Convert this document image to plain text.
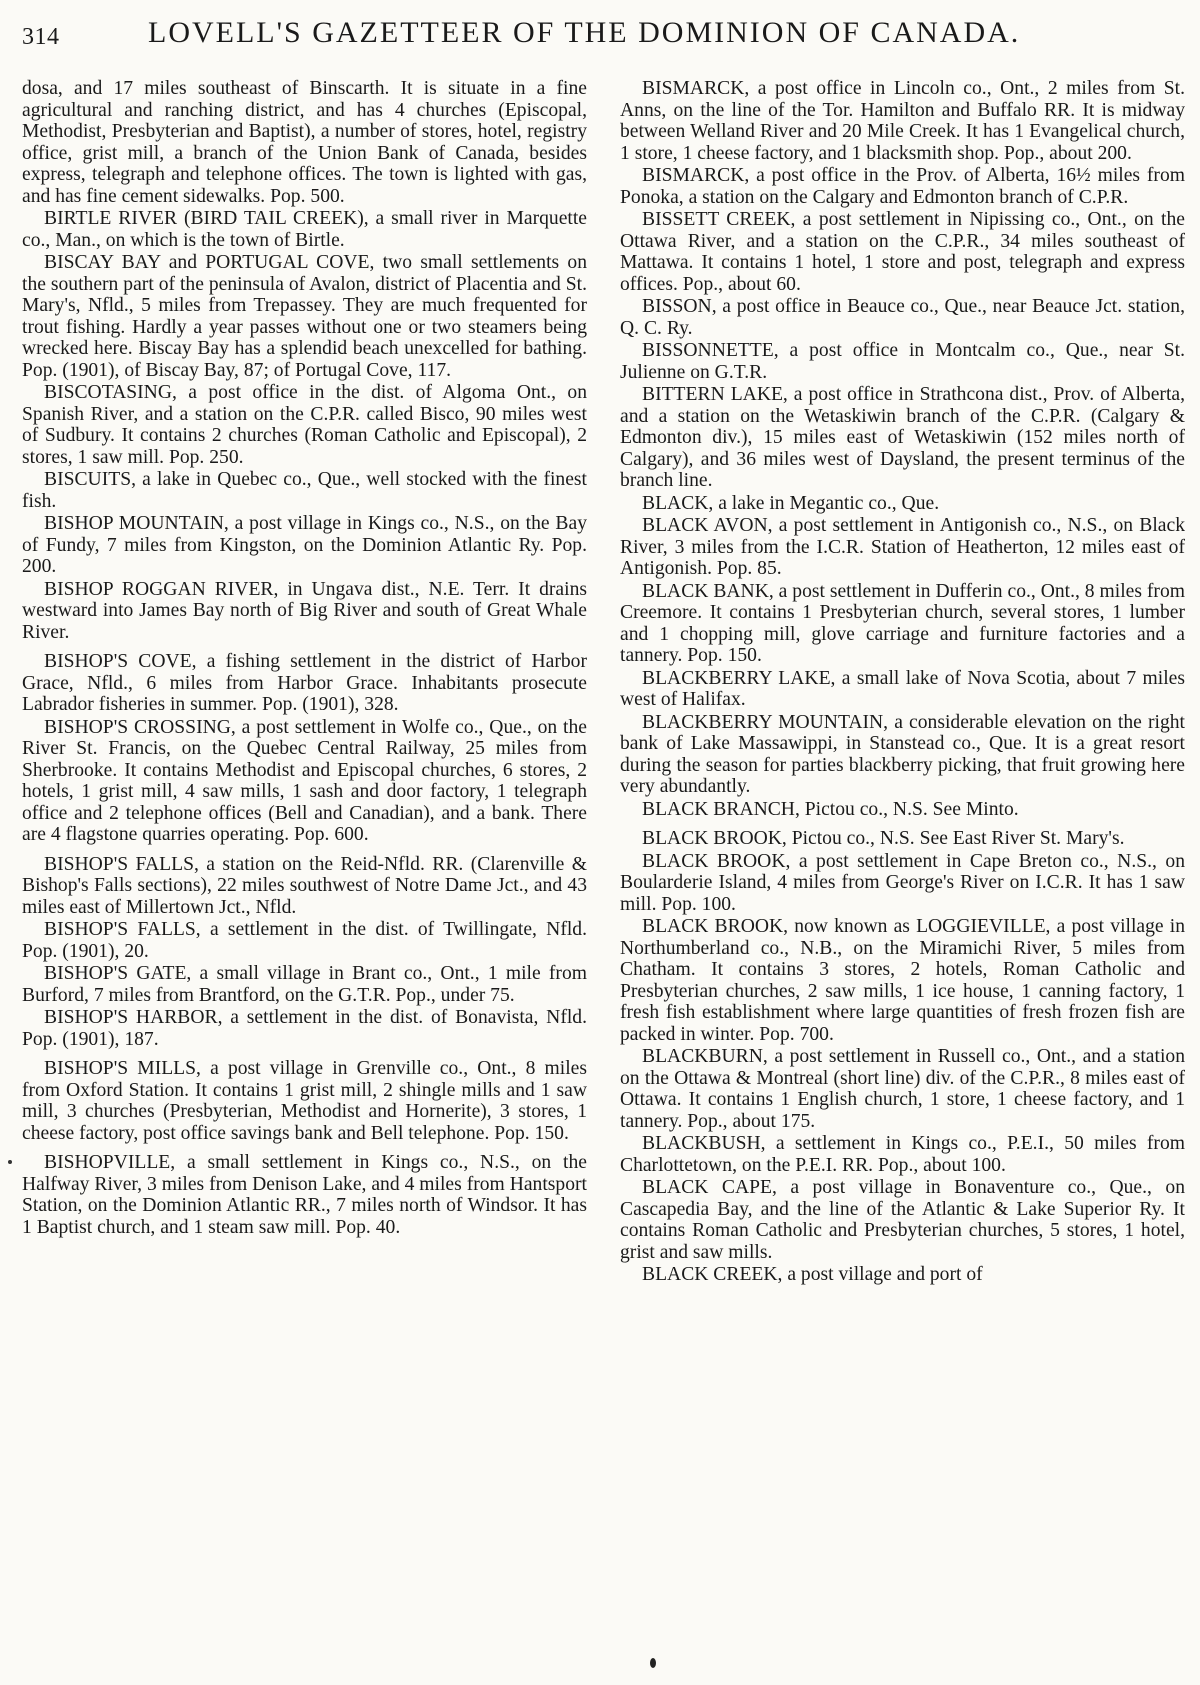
314	LOVELL'S GAZETTEER OF THE DOMINION OF CANADA.

dosa, and 17 miles southeast of Binscarth. It is situate in a fine agricultural and ranching district, and has 4 churches (Episcopal, Methodist, Presbyterian and Baptist), a number of stores, hotel, registry office, grist mill, a branch of the Union Bank of Canada, besides express, telegraph and telephone offices. The town is lighted with gas, and has fine cement sidewalks. Pop. 500.

BIRTLE RIVER (BIRD TAIL CREEK), a small river in Marquette co., Man., on which is the town of Birtle.

BISCAY BAY and PORTUGAL COVE, two small settlements on the southern part of the peninsula of Avalon, district of Placentia and St. Mary's, Nfld., 5 miles from Trepassey. They are much frequented for trout fishing. Hardly a year passes without one or two steamers being wrecked here. Biscay Bay has a splendid beach unexcelled for bathing. Pop. (1901), of Biscay Bay, 87; of Portugal Cove, 117.

BISCOTASING, a post office in the dist. of Algoma Ont., on Spanish River, and a station on the C.P.R. called Bisco, 90 miles west of Sudbury. It contains 2 churches (Roman Catholic and Episcopal), 2 stores, 1 saw mill. Pop. 250.

BISCUITS, a lake in Quebec co., Que., well stocked with the finest fish.

BISHOP MOUNTAIN, a post village in Kings co., N.S., on the Bay of Fundy, 7 miles from Kingston, on the Dominion Atlantic Ry. Pop. 200.

BISHOP ROGGAN RIVER, in Ungava dist., N.E. Terr. It drains westward into James Bay north of Big River and south of Great Whale River.

BISHOP'S COVE, a fishing settlement in the district of Harbor Grace, Nfld., 6 miles from Harbor Grace. Inhabitants prosecute Labrador fisheries in summer. Pop. (1901), 328.

BISHOP'S CROSSING, a post settlement in Wolfe co., Que., on the River St. Francis, on the Quebec Central Railway, 25 miles from Sherbrooke. It contains Methodist and Episcopal churches, 6 stores, 2 hotels, 1 grist mill, 4 saw mills, 1 sash and door factory, 1 telegraph office and 2 telephone offices (Bell and Canadian), and a bank. There are 4 flagstone quarries operating. Pop. 600.

BISHOP'S FALLS, a station on the Reid-Nfld. RR. (Clarenville & Bishop's Falls sections), 22 miles southwest of Notre Dame Jct., and 43 miles east of Millertown Jct., Nfld.

BISHOP'S FALLS, a settlement in the dist. of Twillingate, Nfld. Pop. (1901), 20.

BISHOP'S GATE, a small village in Brant co., Ont., 1 mile from Burford, 7 miles from Brantford, on the G.T.R. Pop., under 75.

BISHOP'S HARBOR, a settlement in the dist. of Bonavista, Nfld. Pop. (1901), 187.

BISHOP'S MILLS, a post village in Grenville co., Ont., 8 miles from Oxford Station. It contains 1 grist mill, 2 shingle mills and 1 saw mill, 3 churches (Presbyterian, Methodist and Hornerite), 3 stores, 1 cheese factory, post office savings bank and Bell telephone. Pop. 150.

BISHOPVILLE, a small settlement in Kings co., N.S., on the Halfway River, 3 miles from Denison Lake, and 4 miles from Hantsport Station, on the Dominion Atlantic RR., 7 miles north of Windsor. It has 1 Baptist church, and 1 steam saw mill. Pop. 40.

BISMARCK, a post office in Lincoln co., Ont., 2 miles from St. Anns, on the line of the Tor. Hamilton and Buffalo RR. It is midway between Welland River and 20 Mile Creek. It has 1 Evangelical church, 1 store, 1 cheese factory, and 1 blacksmith shop. Pop., about 200.

BISMARCK, a post office in the Prov. of Alberta, 16½ miles from Ponoka, a station on the Calgary and Edmonton branch of C.P.R.

BISSETT CREEK, a post settlement in Nipissing co., Ont., on the Ottawa River, and a station on the C.P.R., 34 miles southeast of Mattawa. It contains 1 hotel, 1 store and post, telegraph and express offices. Pop., about 60.

BISSON, a post office in Beauce co., Que., near Beauce Jct. station, Q. C. Ry.

BISSONNETTE, a post office in Montcalm co., Que., near St. Julienne on G.T.R.

BITTERN LAKE, a post office in Strathcona dist., Prov. of Alberta, and a station on the Wetaskiwin branch of the C.P.R. (Calgary & Edmonton div.), 15 miles east of Wetaskiwin (152 miles north of Calgary), and 36 miles west of Daysland, the present terminus of the branch line.

BLACK, a lake in Megantic co., Que.

BLACK AVON, a post settlement in Antigonish co., N.S., on Black River, 3 miles from the I.C.R. Station of Heatherton, 12 miles east of Antigonish. Pop. 85.

BLACK BANK, a post settlement in Dufferin co., Ont., 8 miles from Creemore. It contains 1 Presbyterian church, several stores, 1 lumber and 1 chopping mill, glove carriage and furniture factories and a tannery. Pop. 150.

BLACKBERRY LAKE, a small lake of Nova Scotia, about 7 miles west of Halifax.

BLACKBERRY MOUNTAIN, a considerable elevation on the right bank of Lake Massawippi, in Stanstead co., Que. It is a great resort during the season for parties blackberry picking, that fruit growing here very abundantly.

BLACK BRANCH, Pictou co., N.S. See Minto.

BLACK BROOK, Pictou co., N.S. See East River St. Mary's.

BLACK BROOK, a post settlement in Cape Breton co., N.S., on Boularderie Island, 4 miles from George's River on I.C.R. It has 1 saw mill. Pop. 100.

BLACK BROOK, now known as LOGGIEVILLE, a post village in Northumberland co., N.B., on the Miramichi River, 5 miles from Chatham. It contains 3 stores, 2 hotels, Roman Catholic and Presbyterian churches, 2 saw mills, 1 ice house, 1 canning factory, 1 fresh fish establishment where large quantities of fresh frozen fish are packed in winter. Pop. 700.

BLACKBURN, a post settlement in Russell co., Ont., and a station on the Ottawa & Montreal (short line) div. of the C.P.R., 8 miles east of Ottawa. It contains 1 English church, 1 store, 1 cheese factory, and 1 tannery. Pop., about 175.

BLACKBUSH, a settlement in Kings co., P.E.I., 50 miles from Charlottetown, on the P.E.I. RR. Pop., about 100.

BLACK CAPE, a post village in Bonaventure co., Que., on Cascapedia Bay, and the line of the Atlantic & Lake Superior Ry. It contains Roman Catholic and Presbyterian churches, 5 stores, 1 hotel, grist and saw mills.

BLACK CREEK, a post village and port of
